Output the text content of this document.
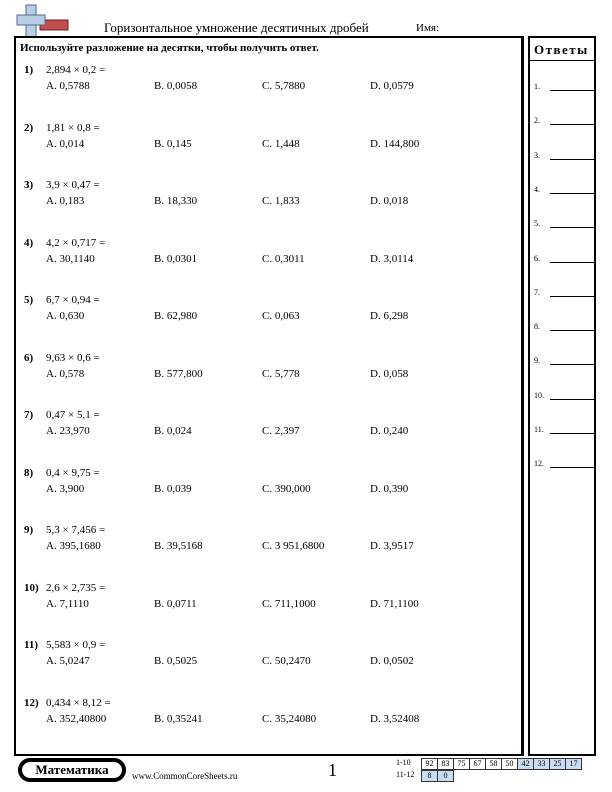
Горизонтальное умножение десятичных дробей	Имя:
Используйте разложение на десятки, чтобы получить ответ.
1) 2,894 × 0,2 =
A. 0,5788	B. 0,0058	C. 5,7880	D. 0,0579
2) 1,81 × 0,8 =
A. 0,014	B. 0,145	C. 1,448	D. 144,800
3) 3,9 × 0,47 =
A. 0,183	B. 18,330	C. 1,833	D. 0,018
4) 4,2 × 0,717 =
A. 30,1140	B. 0,0301	C. 0,3011	D. 3,0114
5) 6,7 × 0,94 =
A. 0,630	B. 62,980	C. 0,063	D. 6,298
6) 9,63 × 0,6 =
A. 0,578	B. 577,800	C. 5,778	D. 0,058
7) 0,47 × 5,1 =
A. 23,970	B. 0,024	C. 2,397	D. 0,240
8) 0,4 × 9,75 =
A. 3,900	B. 0,039	C. 390,000	D. 0,390
9) 5,3 × 7,456 =
A. 395,1680	B. 39,5168	C. 3 951,6800	D. 3,9517
10) 2,6 × 2,735 =
A. 7,1110	B. 0,0711	C. 711,1000	D. 71,1100
11) 5,583 × 0,9 =
A. 5,0247	B. 0,5025	C. 50,2470	D. 0,0502
12) 0,434 × 8,12 =
A. 352,40800	B. 0,35241	C. 35,24080	D. 3,52408
Ответы
1.
2.
3.
4.
5.
6.
7.
8.
9.
10.
11.
12.
Математика	www.CommonCoreSheets.ru	1	1-10 92 83 75 67 58 50 42 33 25 17
11-12 8 0
